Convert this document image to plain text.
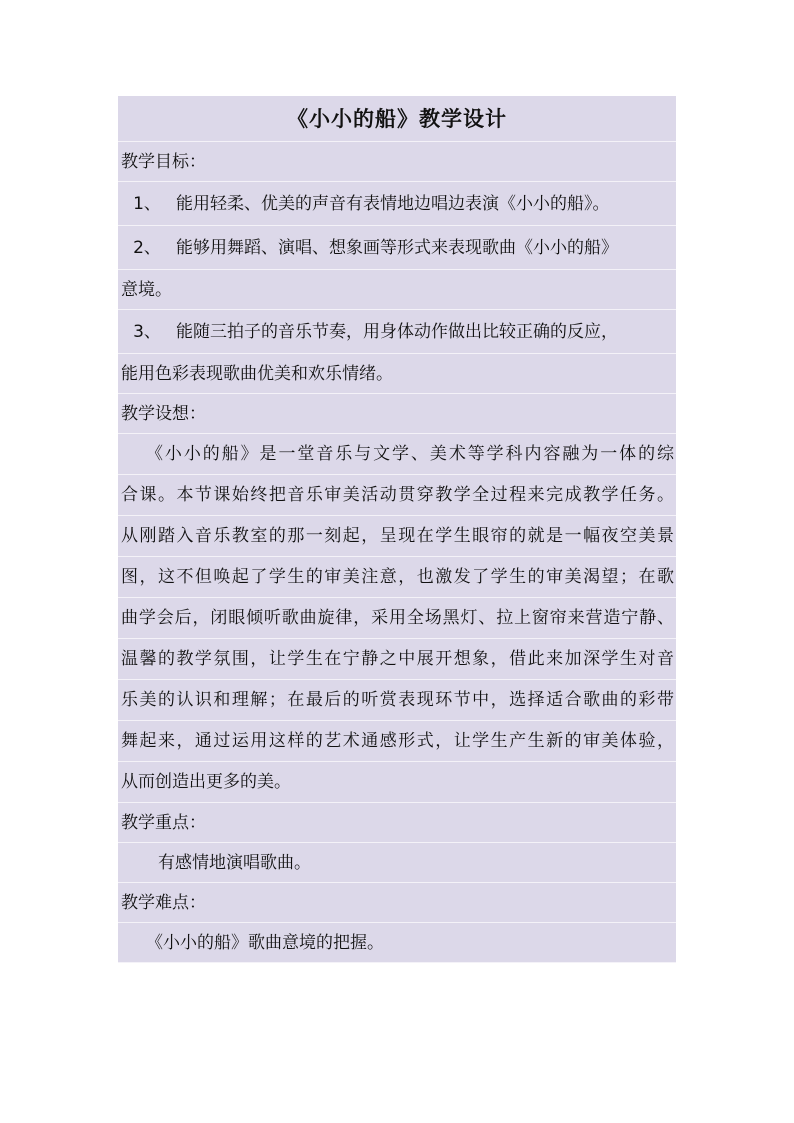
《小小的船》教学设计
教学目标：
1、 能用轻柔、优美的声音有表情地边唱边表演《小小的船》。
2、 能够用舞蹈、演唱、想象画等形式来表现歌曲《小小的船》
意境。
3、 能随三拍子的音乐节奏，用身体动作做出比较正确的反应，
能用色彩表现歌曲优美和欢乐情绪。
教学设想：
《小小的船》是一堂音乐与文学、美术等学科内容融为一体的综
合课。本节课始终把音乐审美活动贯穿教学全过程来完成教学任务。
从刚踏入音乐教室的那一刻起，呈现在学生眼帘的就是一幅夜空美景
图，这不但唤起了学生的审美注意，也激发了学生的审美渴望；在歌
曲学会后，闭眼倾听歌曲旋律，采用全场黑灯、拉上窗帘来营造宁静、
温馨的教学氛围，让学生在宁静之中展开想象，借此来加深学生对音
乐美的认识和理解；在最后的听赏表现环节中，选择适合歌曲的彩带
舞起来，通过运用这样的艺术通感形式，让学生产生新的审美体验，
从而创造出更多的美。
教学重点：
有感情地演唱歌曲。
教学难点：
《小小的船》歌曲意境的把握。
